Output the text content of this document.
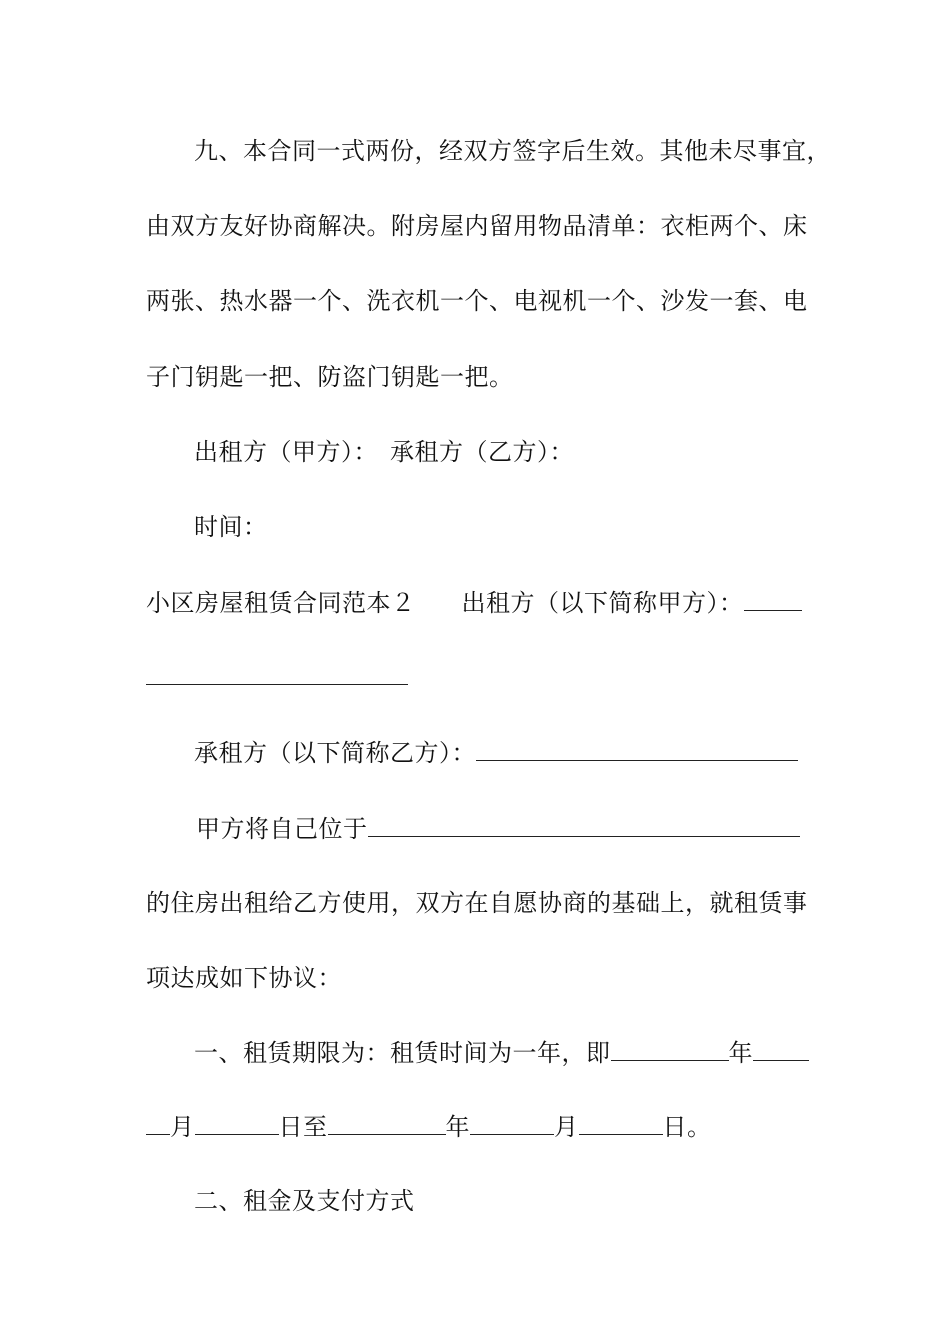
九、本合同一式两份，经双方签字后生效。其他未尽事宜，
由双方友好协商解决。附房屋内留用物品清单：衣柜两个、床
两张、热水器一个、洗衣机一个、电视机一个、沙发一套、电
子门钥匙一把、防盗门钥匙一把。
出租方（甲方）： 承租方（乙方）：
时间：
小区房屋租赁合同范本２ 出租方（以下简称甲方）：
承租方（以下简称乙方）：
甲方将自己位于
的住房出租给乙方使用，双方在自愿协商的基础上，就租赁事
项达成如下协议：
一、租赁期限为：租赁时间为一年，即	年
月	日至	年	月	日。
二、租金及支付方式
